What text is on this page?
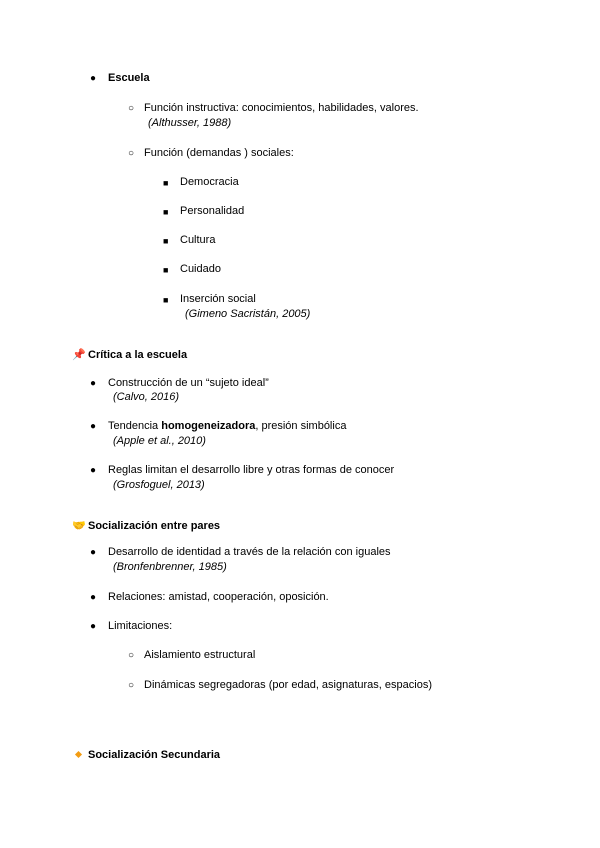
● Escuela
○ Función instructiva: conocimientos, habilidades, valores.
(Althusser, 1988)
○ Función (demandas ) sociales:
■ Democracia
■ Personalidad
■ Cultura
■ Cuidado
■ Inserción social
(Gimeno Sacristán, 2005)
📌 Crítica a la escuela
● Construcción de un “sujeto ideal”
(Calvo, 2016)
● Tendencia homogeneizadora, presión simbólica
(Apple et al., 2010)
● Reglas limitan el desarrollo libre y otras formas de conocer
(Grosfoguel, 2013)
🤝 Socialización entre pares
● Desarrollo de identidad a través de la relación con iguales
(Bronfenbrenner, 1985)
● Relaciones: amistad, cooperación, oposición.
● Limitaciones:
○ Aislamiento estructural
○ Dinámicas segregadoras (por edad, asignaturas, espacios)
Socialización Secundaria
